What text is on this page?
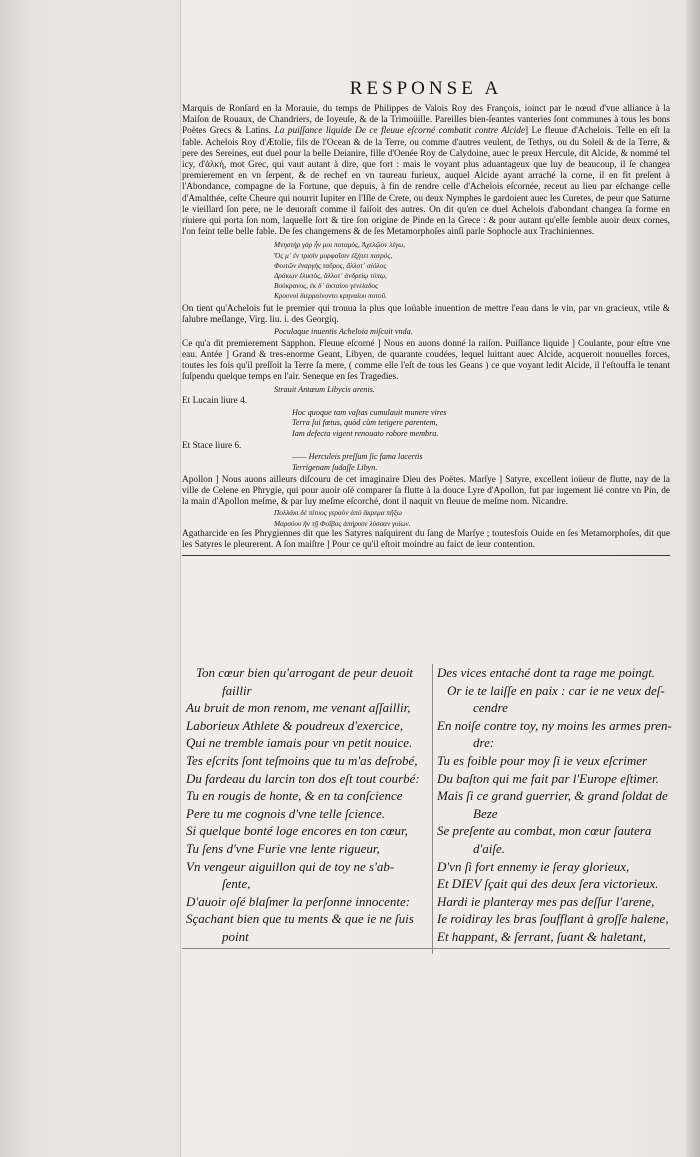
RESPONSE A

Marquis de Ronſard en la Morauie, du temps de Philippes de Valois Roy des François, ioinct par le nœud d'vne alliance à la Maiſon de Rouaux, de Chandriers, de Ioyeuſe, & de la Trimoüille. Pareilles bien-ſeantes vanteries ſont communes à tous les bons Poëtes Grecs & Latins. La puiſſance liquide De ce fleuue eſcorné combatit contre Alcide] Le fleuue d'Achelois. Telle en eſt la fable. Achelois Roy d'Ætolie, fils de l'Ocean & de la Terre, ou comme d'autres veulent, de Tethys, ou du Soleil & de la Terre, & pere des Sereines, eut duel pour la belle Deianire, fille d'Oenée Roy de Calydoine, auec le preux Hercule, dit Alcide, & nommé tel icy, d'ἀλκή, mot Grec, qui vaut autant à dire, que fort : mais le voyant plus aduantageux que luy de beaucoup, il ſe changea premierement en vn ſerpent, & de rechef en vn taureau furieux, auquel Alcide ayant arraché la corne, il en fit preſent à l'Abondance, compagne de la Fortune, que depuis, à fin de rendre celle d'Achelois eſcornée, receut au lieu par eſchange celle d'Amalthée, ceſte Cheure qui nourrit Iupiter en l'Iſle de Crete, ou deux Nymphes le gardoient auec les Curetes, de peur que Saturne le vieillard ſon pere, ne le deuoraſt comme il faiſoit des autres. On dit qu'en ce duel Achelois d'abondant changea ſa forme en riuiere qui porta ſon nom, laquelle ſort & tire ſon origine de Pinde en la Grece : & pour autant qu'elle ſemble auoir deux cornes, l'on feint telle belle fable. De ſes changemens & de ſes Metamorphoſes ainſi parle Sophocle aux Trachiniennes.

Μνηστὴρ γὰρ ἦν μοι ποταμὸς, Ἀχελῷον λέγω,
Ὅς μ᾽ ἐν τρισὶν μορφαῖσιν ἐξῄτει πατρός,
Φοιτῶν ἐναργὴς ταῦρος, ἄλλοτ᾽ αἰόλος
Δράκων ἑλικτὸς, ἄλλοτ᾽ ἀνδρείῳ τύπῳ,
Βούκρανος, ἐκ δ᾽ ἀκταίου γενείαδος
Κρουνοὶ διερραίνοντο κρηναίου ποτοῦ.

On tient qu'Achelois fut le premier qui trouua la plus que loüable inuention de mettre l'eau dans le vin, par vn gracieux, vtile & ſalubre meſlange, Virg. liu. i. des Georgiq.

Poculaque inuentis Acheloia miſcuit vnda.

Ce qu'a dit premierement Sapphon. Fleuue eſcorné ] Nous en auons donné la raiſon. Puiſſance liquide ] Coulante, pour eſtre vne eau. Antée ] Grand & tres-enorme Geant, Libyen, de quarante coudées, lequel luittant auec Alcide, acqueroit nouuelles forces, toutes les fois qu'il preſſoit la Terre ſa mere, ( comme elle l'eſt de tous les Geans ) ce que voyant ledit Alcide, il l'eſtouffa le tenant ſuſpendu quelque temps en l'air. Seneque en ſes Tragedies.

Strauit Antæum Libycis arenis.

Et Lucain liure 4.

Hoc quoque tam vaſtas cumulauit munere vires
Terra ſui fœtus, quòd cùm tetigere parentem,
Iam defecta vigent renouato robore membra.

Et Stace liure 6.

—— Herculeis preſſum ſic fama lacertis
Terrigenam ſudaſſe Libyn.

Apollon ] Nous auons ailleurs diſcouru de cet imaginaire Dieu des Poëtes. Marſye ] Satyre, excellent ioüeur de flutte, nay de la ville de Celene en Phrygie, qui pour auoir oſé comparer ſa flutte à la douce Lyre d'Apollon, fut par iugement lié contre vn Pin, de la main d'Apollon meſme, & par luy meſme eſcorché, dont il naquit vn fleuue de meſme nom. Nicandre.

Πολλάκι δὲ πίτυος γεραὸν ἀπὸ ἄκρεμα πῆξω
Μαρσύου ἢν τῇ Φοῖβος ἀπήρυσε λύσσαν γυίων.

Agatharcide en ſes Phrygiennes dit que les Satyres naſquirent du ſang de Marſye ; toutesfois Ouide en ſes Metamorphoſes, dit que les Satyres le pleurerent. A ſon maiſtre ] Pour ce qu'il eſtoit moindre au faict de leur contention.

Ton cœur bien qu'arrogant de peur deuoit
faillir
Au bruit de mon renom, me venant aſſaillir,
Laborieux Athlete & poudreux d'exercice,
Qui ne tremble iamais pour vn petit nouice.
Tes eſcrits ſont teſmoins que tu m'as deſrobé,
Du fardeau du larcin ton dos eſt tout courbé:
Tu en rougis de honte, & en ta conſcience
Pere tu me cognois d'vne telle ſcience.
Si quelque bonté loge encores en ton cœur,
Tu ſens d'vne Furie vne lente rigueur,
Vn vengeur aiguillon qui de toy ne s'ab-
ſente,
D'auoir oſé blaſmer la perſonne innocente:
Sçachant bien que tu ments & que ie ne ſuis
point
Des vices entaché dont ta rage me poingt.
Or ie te laiſſe en paix : car ie ne veux deſ-
cendre
En noiſe contre toy, ny moins les armes pren-
dre:
Tu es foible pour moy ſi ie veux eſcrimer
Du baſton qui me fait par l'Europe eſtimer.
Mais ſi ce grand guerrier, & grand ſoldat de
Beze
Se preſente au combat, mon cœur ſautera
d'aiſe.
D'vn ſi fort ennemy ie ſeray glorieux,
Et DIEV ſçait qui des deux ſera victorieux.
Hardi ie planteray mes pas deſſur l'arene,
Ie roidiray les bras ſoufflant à groſſe halene,
Et happant, & ſerrant, ſuant & haletant,
